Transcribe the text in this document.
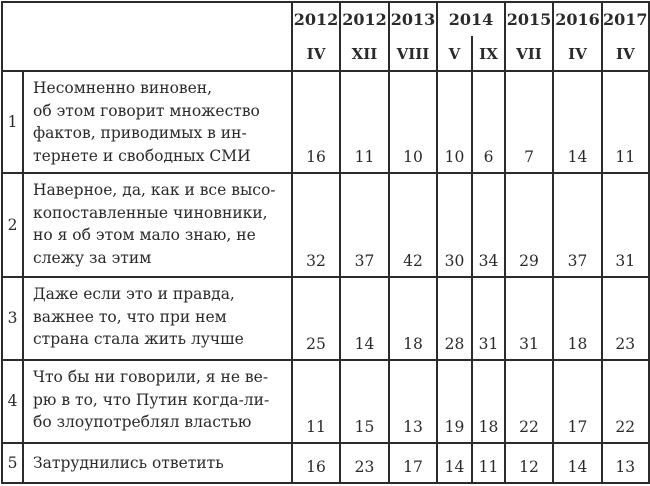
		2012	2012	2013	2014		2015	2016	2017
		IV	XII	VIII	V	IX	VII	IV	IV
1	Несомненно виновен,
об этом говорит множество
фактов, приводимых в ин-
тернете и свободных СМИ	16	11	10	10	6	7	14	11
2	Наверное, да, как и все высо-
копоставленные чиновники,
но я об этом мало знаю, не
слежу за этим	32	37	42	30	34	29	37	31
3	Даже если это и правда,
важнее то, что при нем
страна стала жить лучше	25	14	18	28	31	31	18	23
4	Что бы ни говорили, я не ве-
рю в то, что Путин когда-ли-
бо злоупотреблял властью	11	15	13	19	18	22	17	22
5	Затруднились ответить	16	23	17	14	11	12	14	13
